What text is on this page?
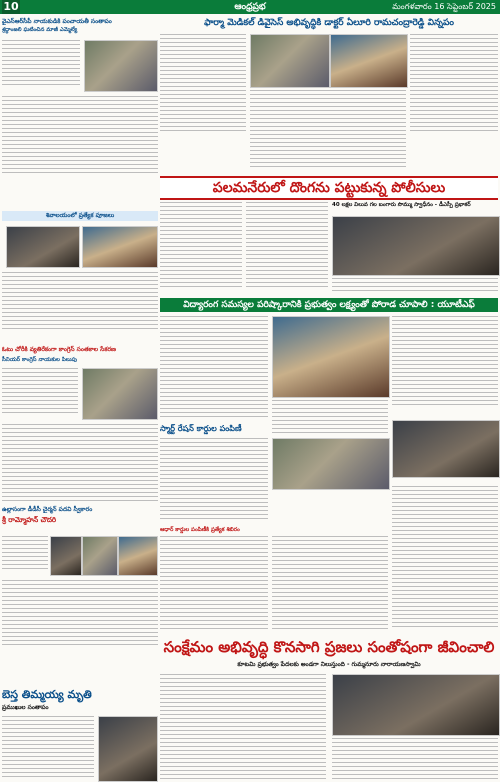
10	ఆంధ్రప్రభ	మంగళవారం 16 సెప్టెంబర్ 2025
వైఎస్ఆర్‌సీపీ నాయకుడికి పంచాయతీ సంతాపం
శ్రద్ధాంజలి ఘటించిన మాజీ ఎమ్మెల్యే
శివాలయంలో ప్రత్యేక పూజలు
ఓటు చోరీకి వ్యతిరేకంగా కాంగ్రెస్ సంతకాల సేకరణ
సీనియర్ కాంగ్రెస్ నాయకుల పిలుపు
ఉల్లాసంగా డీడీసీ చైర్మన్ పదవి స్వీకారం
శ్రీ రామ్మోహన్ చౌదరి
బెస్త తిమ్మయ్య మృతి
ప్రముఖుల సంతాపం
ఫార్మా మెడికల్ డివైసెస్ అభివృద్ధికి డాక్టర్ ఏలూరి రామచంద్రారెడ్డి విన్నపం
పలమనేరులో దొంగను పట్టుకున్న పోలీసులు
40 లక్షల విలువ గల బంగారు సొమ్ము స్వాధీనం - డీఎస్పీ ప్రభాకర్
విద్యారంగ సమస్యల పరిష్కారానికి ప్రభుత్వం లక్ష్యంతో పోరాడ చూపాలి : యూటీఎఫ్
స్మార్ట్ రేషన్ కార్డుల పంపిణీ
ఆధార్ కార్డుల పంపిణీకి ప్రత్యేక శిబిరం
సంక్షేమం అభివృద్ధి కొనసాగి ప్రజలు సంతోషంగా జీవించాలి
కూటమి ప్రభుత్వం పేదలకు అండగా నిలుస్తుంది - గుమ్మనూరు నారాయణస్వామి
